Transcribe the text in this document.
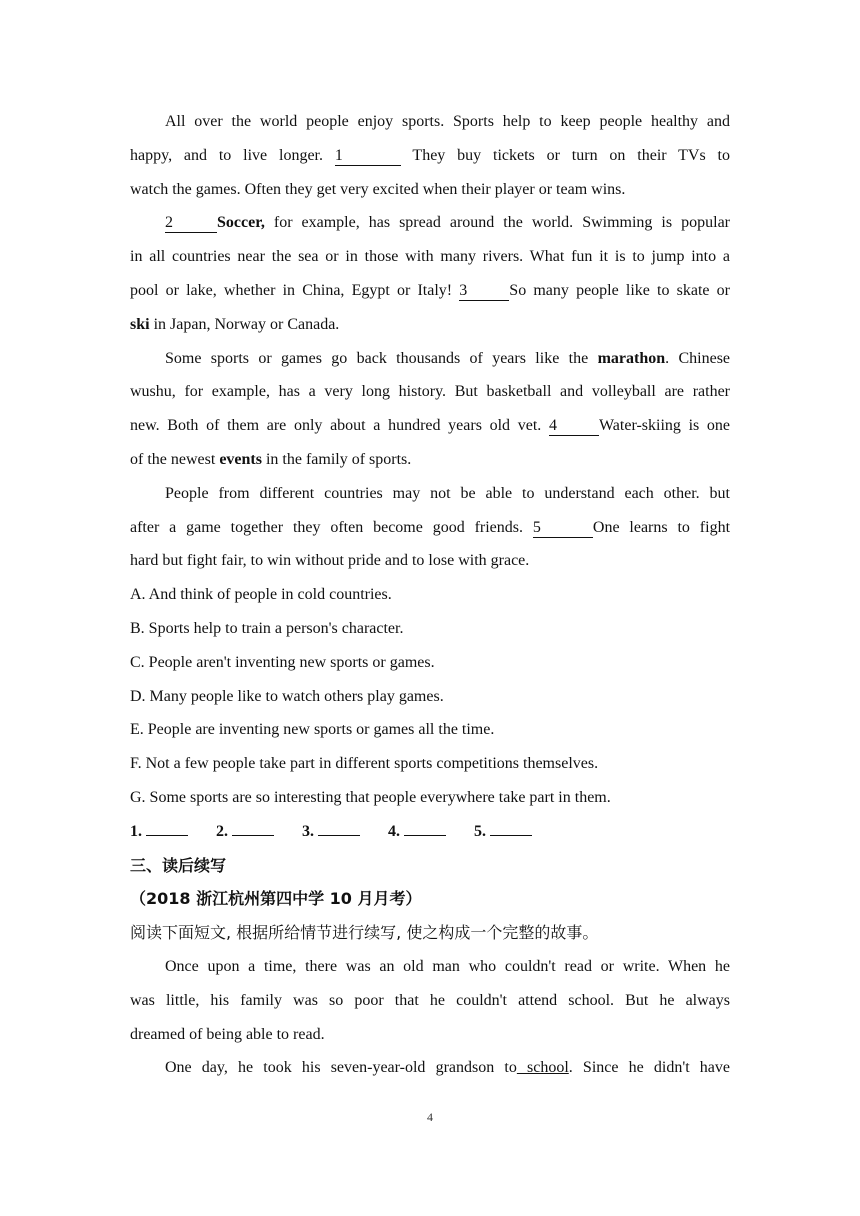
All over the world people enjoy sports. Sports help to keep people healthy and
happy, and to live longer. 1	They buy tickets or turn on their TVs to
watch the games. Often they get very excited when their player or team wins.
2	Soccer, for example, has spread around the world. Swimming is popular
in all countries near the sea or in those with many rivers. What fun it is to jump into a
pool or lake, whether in China, Egypt or Italy! 3	So many people like to skate or
ski in Japan, Norway or Canada.
Some sports or games go back thousands of years like the marathon. Chinese
wushu, for example, has a very long history. But basketball and volleyball are rather
new. Both of them are only about a hundred years old vet. 4	Water-skiing is one
of the newest events in the family of sports.
People from different countries may not be able to understand each other. but
after a game together they often become good friends. 5	One learns to fight
hard but fight fair, to win without pride and to lose with grace.
A. And think of people in cold countries.
B. Sports help to train a person's character.
C. People aren't inventing new sports or games.
D. Many people like to watch others play games.
E. People are inventing new sports or games all the time.
F. Not a few people take part in different sports competitions themselves.
G. Some sports are so interesting that people everywhere take part in them.
1.	2.	3.	4.	5.
三、读后续写
（2018 浙江杭州第四中学 10 月月考）
阅读下面短文, 根据所给情节进行续写, 使之构成一个完整的故事。
Once upon a time, there was an old man who couldn't read or write. When he
was little, his family was so poor that he couldn't attend school. But he always
dreamed of being able to read.
One day, he took his seven-year-old grandson to school. Since he didn't have
4
